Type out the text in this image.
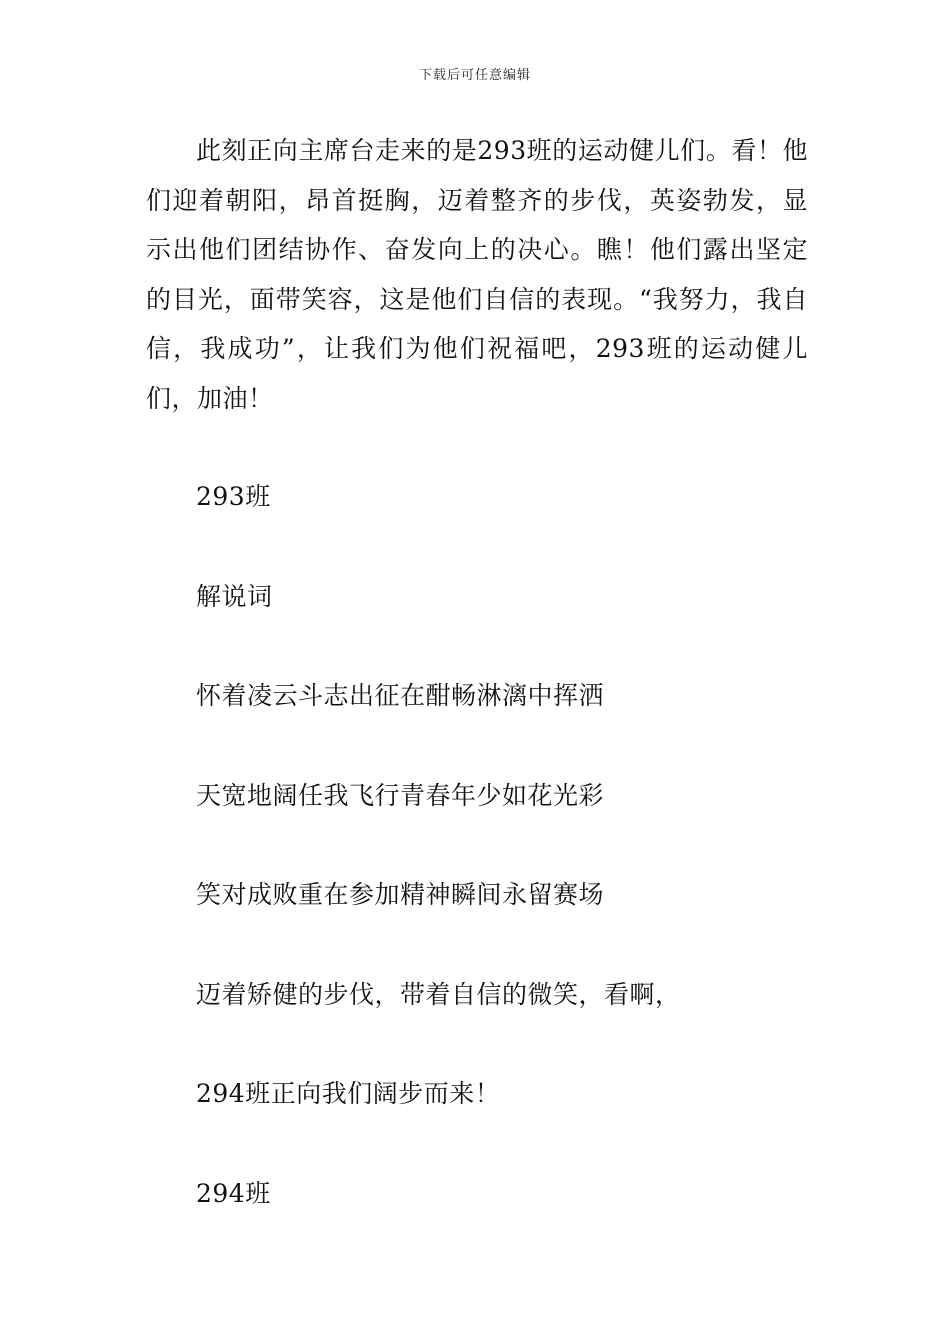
下载后可任意编辑

此刻正向主席台走来的是293班的运动健儿们。看！他们迎着朝阳，昂首挺胸，迈着整齐的步伐，英姿勃发，显示出他们团结协作、奋发向上的决心。瞧！他们露出坚定的目光，面带笑容，这是他们自信的表现。“我努力，我自信，我成功”，让我们为他们祝福吧，293班的运动健儿们，加油！

293班

解说词

怀着凌云斗志出征在酣畅淋漓中挥洒

天宽地阔任我飞行青春年少如花光彩

笑对成败重在参加精神瞬间永留赛场

迈着矫健的步伐，带着自信的微笑，看啊，

294班正向我们阔步而来！

294班
